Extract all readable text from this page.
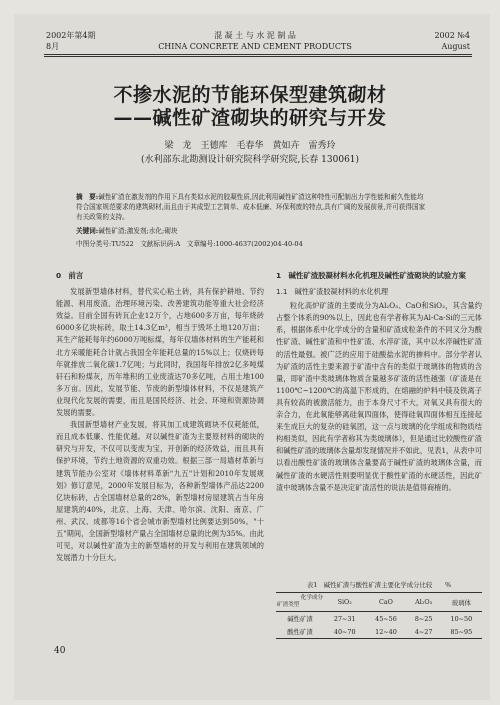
2002年第4期
8月
混 凝 土 与 水 泥 制 品
CHINA CONCRETE AND CEMENT PRODUCTS
2002 №4
August
不掺水泥的节能环保型建筑砌材
——碱性矿渣砌块的研究与开发
梁　龙　王德库　毛春华　黄如卉　雷秀玲
(水利部东北勘测设计研究院科学研究院,长春 130061)
摘　要:碱性矿渣在激发剂的作用下具有类似水泥的胶凝性质,因此利用碱性矿渣这种特性可配制出力学性能和耐久性能均符合国家规范要求的建筑砌材,而且由于其成型工艺简单、成本低廉、环保利废的特点,具有广阔的发展前景,并可获得国家有关政策的支持。
关键词:碱性矿渣;激发剂;水化;砌块
中图分类号:TU522　文献标识码:A　文章编号:1000-4637(2002)04-40-04
0　前言

发展新型墙体材料，替代实心粘土砖，具有保护耕地、节约能源、利用废渣、治理环境污染、改善建筑功能等重大社会经济效益。目前全国有砖瓦企业12万个，占地600多万亩，每年烧砖6000多亿块标砖，取土14.3亿m³，相当于毁坏土地120万亩；其生产能耗每年约6000万吨标煤，每年仅墙体材料的生产能耗和北方采暖能耗合计就占我国全年能耗总量的15%以上；仅烧砖每年就排放二氧化碳1.7亿吨；与此同时，我国每年排放2亿多吨煤矸石和粉煤灰，历年堆积的工业废渣达70多亿吨，占用土地100多万亩。因此，发展节能、节废的新型墙体材料，不仅是建筑产业现代化发展的需要，而且是国民经济、社会、环境和资源协调发展的需要。

我国新型墙材产业发展，将其加工成建筑砌块不仅耗能低，而且成本低廉、性能优越。对以碱性矿渣为主要原材料的砌块的研究与开发，不仅可以变废为宝，开创新的经济效益，而且具有保护环境，节约土地资源的双重功效。根据三部一局墙材革新与建筑节能办公室对《墙体材料革新"九五"计划和2010年发展规划》修订意见，2000年发展目标为，各种新型墙体产品达2200亿块标砖，占全国墙材总量的28%，新型墙材房屋建筑占当年房屋建筑的40%，北京、上海、天津、哈尔滨、沈阳、南京、广州、武汉、成都等16个省会城市新型墙材比例要达到50%。"十五"期间，全国新型墙材产量占全国墙材总量的比例为35%。由此可见，对以碱性矿渣为主的新型墙材的开发与利用在建筑领域的发展潜力十分巨大。

1　碱性矿渣胶凝材料水化机理及碱性矿渣砌块的试验方案
1.1　碱性矿渣胶凝材料的水化机理

粒化高炉矿渣的主要成分为Al₂O₃、CaO和SiO₂，其含量约占整个体系的90%以上，因此也有学者称其为Al-Ca-Si的三元体系，根据体系中化学成分的含量和矿渣成粒条件的不同又分为酸性矿渣、碱性矿渣和中性矿渣、水淬矿渣，其中以水淬碱性矿渣的活性最强。被广泛的应用于硅酸盐水泥的掺料中。部分学者认为矿渣的活性主要来源于矿渣中含有的类似于玻璃体的物质的含量，即矿渣中类玻璃体物质含量越多矿渣的活性越强（矿渣是在1100℃~1200℃的高温下形成的，在熔融的炉料中镁及铁离子具有较高的被激活能力，由于本身尺寸不大，对氧又具有很大的亲合力，在此氧能够离硅氧四面体，使得硅氧四面体相互连接起来生成巨大的复杂的硅氧团，这一点与玻璃的化学组成和物质结构相类似，因此有学者称其为类玻璃体），但是通过比较酸性矿渣和碱性矿渣的玻璃体含量却发现情况并不如此，见表1，从表中可以看出酸性矿渣的玻璃体含量要高于碱性矿渣的玻璃体含量，而碱性矿渣的水硬活性则要明显优于酸性矿渣的水硬活性，因此矿渣中玻璃体含量不是决定矿渣活性的说法是值得商榷的。

表1　碱性矿渣与酸性矿渣主要化学成分比较　　%
化学成分
矿渣类型	SiO₂	CaO	Al₂O₃	玻璃体
碱性矿渣	27~31	45~56	8~25	10~50
酸性矿渣	40~70	12~40	4~27	85~95
40
